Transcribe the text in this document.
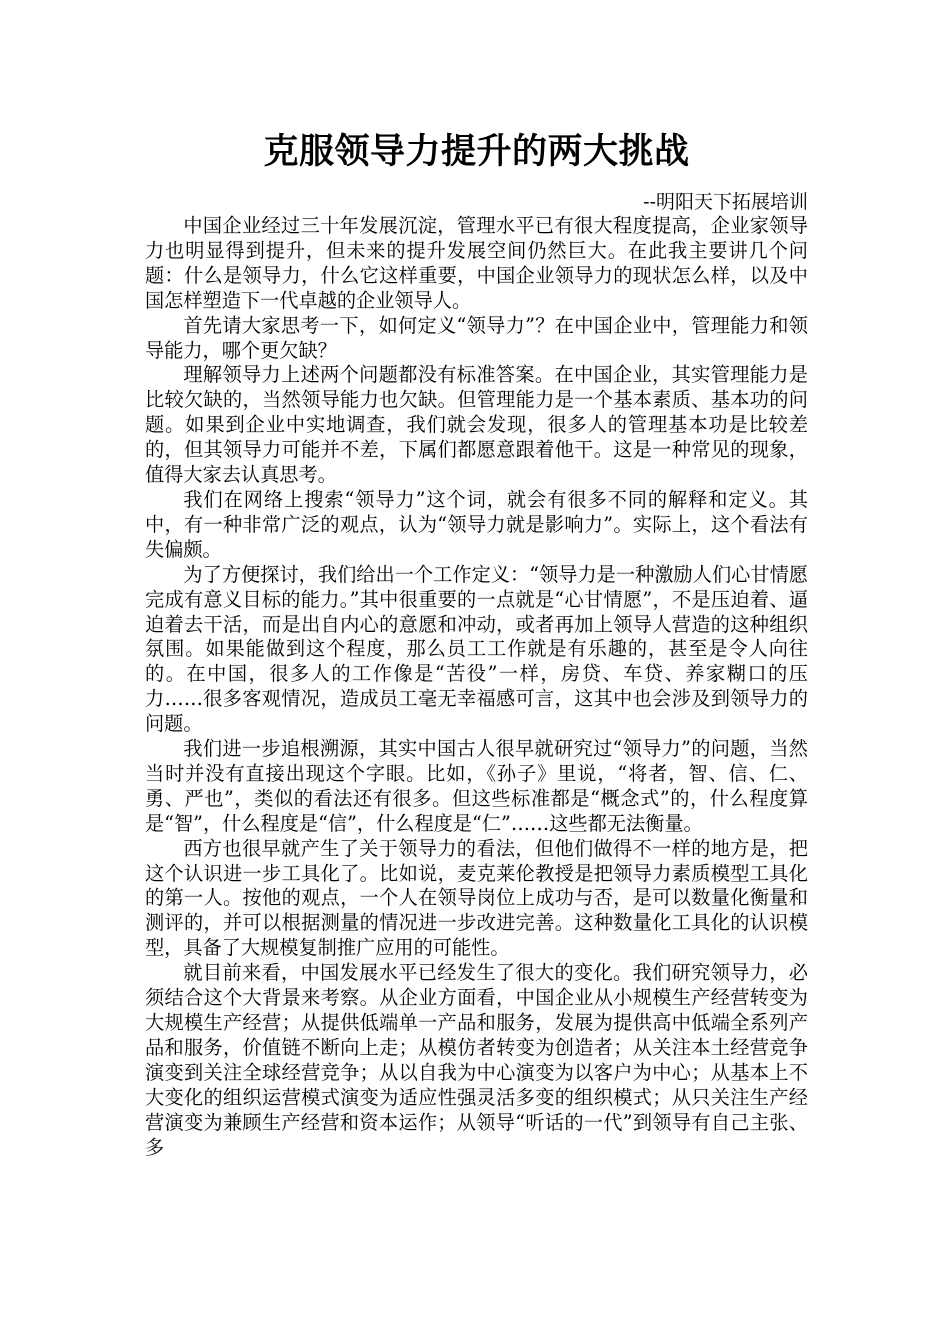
克服领导力提升的两大挑战

--明阳天下拓展培训

中国企业经过三十年发展沉淀，管理水平已有很大程度提高，企业家领导力也明显得到提升，但未来的提升发展空间仍然巨大。在此我主要讲几个问题：什么是领导力，什么它这样重要，中国企业领导力的现状怎么样，以及中国怎样塑造下一代卓越的企业领导人。

首先请大家思考一下，如何定义“领导力”？在中国企业中，管理能力和领导能力，哪个更欠缺？

理解领导力上述两个问题都没有标准答案。在中国企业，其实管理能力是比较欠缺的，当然领导能力也欠缺。但管理能力是一个基本素质、基本功的问题。如果到企业中实地调查，我们就会发现，很多人的管理基本功是比较差的，但其领导力可能并不差，下属们都愿意跟着他干。这是一种常见的现象，值得大家去认真思考。

我们在网络上搜索“领导力”这个词，就会有很多不同的解释和定义。其中，有一种非常广泛的观点，认为“领导力就是影响力”。实际上，这个看法有失偏颇。

为了方便探讨，我们给出一个工作定义：“领导力是一种激励人们心甘情愿完成有意义目标的能力。”其中很重要的一点就是“心甘情愿”，不是压迫着、逼迫着去干活，而是出自内心的意愿和冲动，或者再加上领导人营造的这种组织氛围。如果能做到这个程度，那么员工工作就是有乐趣的，甚至是令人向往的。在中国，很多人的工作像是“苦役”一样，房贷、车贷、养家糊口的压力……很多客观情况，造成员工毫无幸福感可言，这其中也会涉及到领导力的问题。

我们进一步追根溯源，其实中国古人很早就研究过“领导力”的问题，当然当时并没有直接出现这个字眼。比如，《孙子》里说，“将者，智、信、仁、勇、严也”，类似的看法还有很多。但这些标准都是“概念式”的，什么程度算是“智”，什么程度是“信”，什么程度是“仁”……这些都无法衡量。

西方也很早就产生了关于领导力的看法，但他们做得不一样的地方是，把这个认识进一步工具化了。比如说，麦克莱伦教授是把领导力素质模型工具化的第一人。按他的观点，一个人在领导岗位上成功与否，是可以数量化衡量和测评的，并可以根据测量的情况进一步改进完善。这种数量化工具化的认识模型，具备了大规模复制推广应用的可能性。

就目前来看，中国发展水平已经发生了很大的变化。我们研究领导力，必须结合这个大背景来考察。从企业方面看，中国企业从小规模生产经营转变为大规模生产经营；从提供低端单一产品和服务，发展为提供高中低端全系列产品和服务，价值链不断向上走；从模仿者转变为创造者；从关注本土经营竞争演变到关注全球经营竞争；从以自我为中心演变为以客户为中心；从基本上不大变化的组织运营模式演变为适应性强灵活多变的组织模式；从只关注生产经营演变为兼顾生产经营和资本运作；从领导“听话的一代”到领导有自己主张、多
